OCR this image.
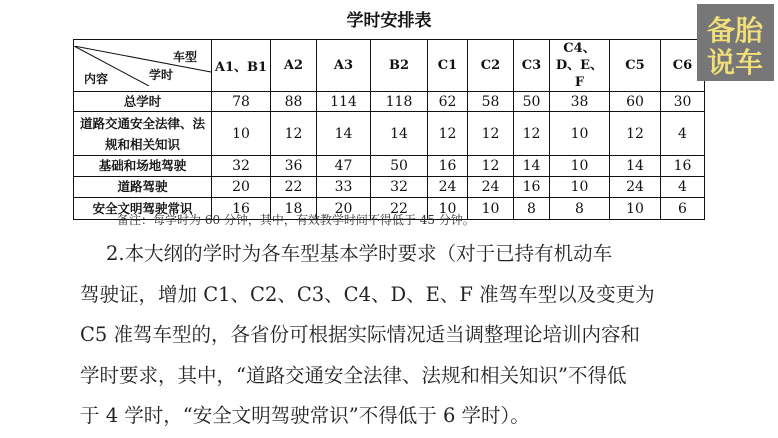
学时安排表
车型
学时
内容	A1、B1	A2	A3	B2	C1	C2	C3	C4、D、E、F	C5	C6
总学时	78	88	114	118	62	58	50	38	60	30
道路交通安全法律、法规和相关知识	10	12	14	14	12	12	12	10	12	4
基础和场地驾驶	32	36	47	50	16	12	14	10	14	16
道路驾驶	20	22	33	32	24	24	16	10	24	4
安全文明驾驶常识	16	18	20	22	10	10	8	8	10	6
备注：每学时为 60 分钟，其中，有效教学时间不得低于 45 分钟。

2.本大纲的学时为各车型基本学时要求（对于已持有机动车

驾驶证，增加 C1、C2、C3、C4、D、E、F 准驾车型以及变更为

C5 准驾车型的，各省份可根据实际情况适当调整理论培训内容和

学时要求，其中，“道路交通安全法律、法规和相关知识”不得低

于 4 学时，“安全文明驾驶常识”不得低于 6 学时）。

备胎
说车
